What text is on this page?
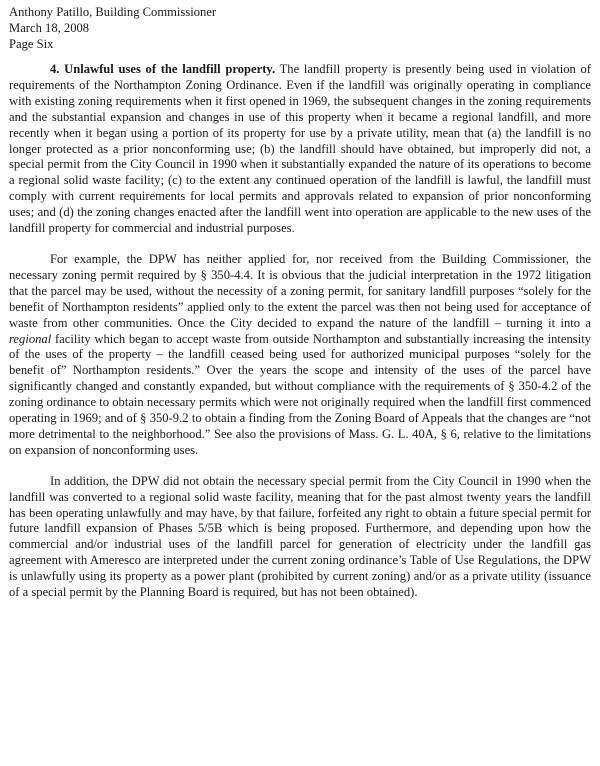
Anthony Patillo, Building Commissioner
March 18, 2008
Page Six

4. Unlawful uses of the landfill property. The landfill property is presently being used in violation of requirements of the Northampton Zoning Ordinance. Even if the landfill was originally operating in compliance with existing zoning requirements when it first opened in 1969, the subsequent changes in the zoning requirements and the substantial expansion and changes in use of this property when it became a regional landfill, and more recently when it began using a portion of its property for use by a private utility, mean that (a) the landfill is no longer protected as a prior nonconforming use; (b) the landfill should have obtained, but improperly did not, a special permit from the City Council in 1990 when it substantially expanded the nature of its operations to become a regional solid waste facility; (c) to the extent any continued operation of the landfill is lawful, the landfill must comply with current requirements for local permits and approvals related to expansion of prior nonconforming uses; and (d) the zoning changes enacted after the landfill went into operation are applicable to the new uses of the landfill property for commercial and industrial purposes.

For example, the DPW has neither applied for, nor received from the Building Commissioner, the necessary zoning permit required by § 350-4.4. It is obvious that the judicial interpretation in the 1972 litigation that the parcel may be used, without the necessity of a zoning permit, for sanitary landfill purposes “solely for the benefit of Northampton residents” applied only to the extent the parcel was then not being used for acceptance of waste from other communities. Once the City decided to expand the nature of the landfill – turning it into a regional facility which began to accept waste from outside Northampton and substantially increasing the intensity of the uses of the property – the landfill ceased being used for authorized municipal purposes “solely for the benefit of” Northampton residents.” Over the years the scope and intensity of the uses of the parcel have significantly changed and constantly expanded, but without compliance with the requirements of § 350-4.2 of the zoning ordinance to obtain necessary permits which were not originally required when the landfill first commenced operating in 1969; and of § 350-9.2 to obtain a finding from the Zoning Board of Appeals that the changes are “not more detrimental to the neighborhood.” See also the provisions of Mass. G. L. 40A, § 6, relative to the limitations on expansion of nonconforming uses.

In addition, the DPW did not obtain the necessary special permit from the City Council in 1990 when the landfill was converted to a regional solid waste facility, meaning that for the past almost twenty years the landfill has been operating unlawfully and may have, by that failure, forfeited any right to obtain a future special permit for future landfill expansion of Phases 5/5B which is being proposed. Furthermore, and depending upon how the commercial and/or industrial uses of the landfill parcel for generation of electricity under the landfill gas agreement with Ameresco are interpreted under the current zoning ordinance’s Table of Use Regulations, the DPW is unlawfully using its property as a power plant (prohibited by current zoning) and/or as a private utility (issuance of a special permit by the Planning Board is required, but has not been obtained).
